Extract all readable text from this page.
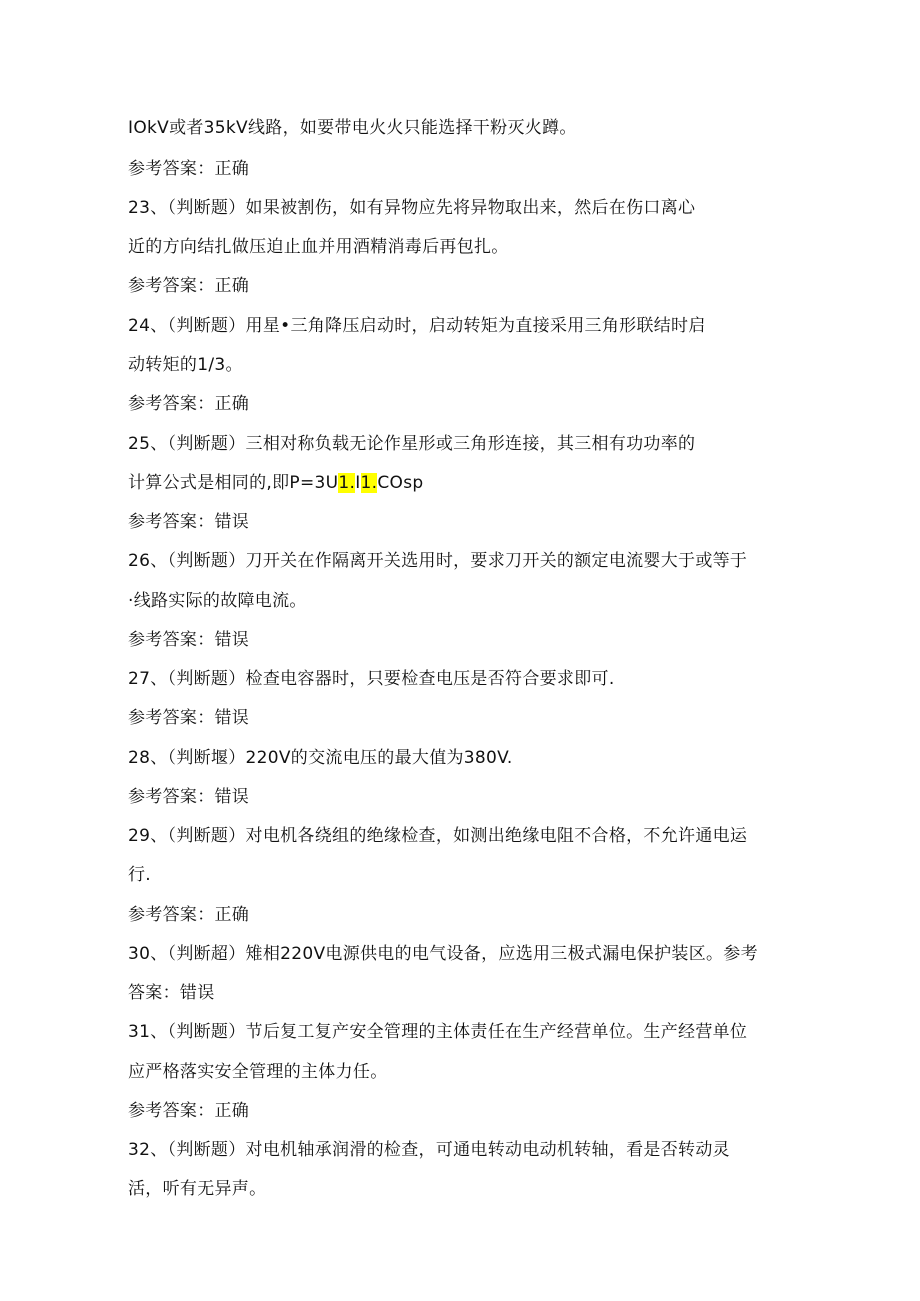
IOkV或者35kV线路，如要带电火火只能选择干粉灭火蹲。
参考答案：正确
23、（判断题）如果被割伤，如有异物应先将异物取出来，然后在伤口离心
近的方向结扎做压迫止血并用酒精消毒后再包扎。
参考答案：正确
24、（判断题）用星•三角降压启动时，启动转矩为直接采用三角形联结时启
动转矩的1/3。
参考答案：正确
25、（判断题）三相对称负载无论作星形或三角形连接，其三相有功功率的
计算公式是相同的,即P=3U1.I1.COsp
参考答案：错误
26、（判断题）刀开关在作隔离开关选用时，要求刀开关的额定电流婴大于或等于
·线路实际的故障电流。
参考答案：错误
27、（判断题）检查电容器时，只要检查电压是否符合要求即可.
参考答案：错误
28、（判断堰）220V的交流电压的最大值为380V.
参考答案：错误
29、（判断题）对电机各绕组的绝缘检查，如测出绝缘电阻不合格，不允许通电运
行.
参考答案：正确
30、（判断超）雉相220V电源供电的电气设备，应选用三极式漏电保护装区。参考
答案：错误
31、（判断题）节后复工复产安全管理的主体责任在生产经营单位。生产经营单位
应严格落实安全管理的主体力任。
参考答案：正确
32、（判断题）对电机轴承润滑的检查，可通电转动电动机转轴，看是否转动灵
活，听有无异声。
